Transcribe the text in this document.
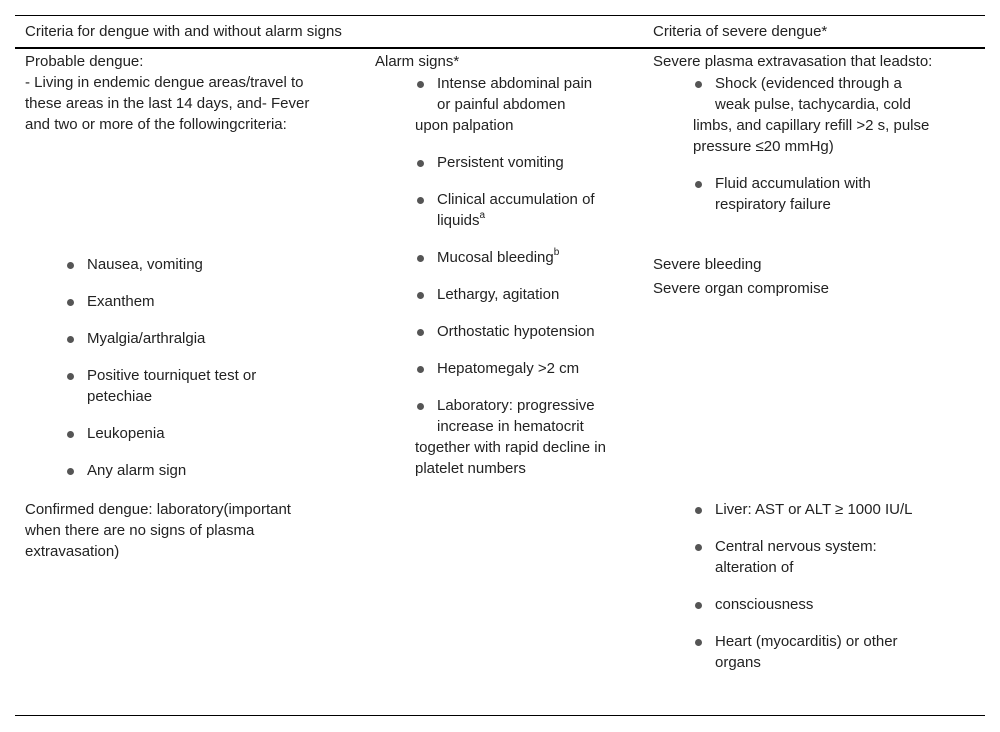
Criteria for dengue with and without alarm signs	Criteria of severe dengue*
Probable dengue:
- Living in endemic dengue areas/travel to these areas in the last 14 days, and- Fever and two or more of the followingcriteria:
Nausea, vomiting
Exanthem
Myalgia/arthralgia
Positive tourniquet test or petechiae
Leukopenia
Any alarm sign
Confirmed dengue: laboratory(important when there are no signs of plasma extravasation)
Alarm signs*
Intense abdominal pain or painful abdomen
upon palpation
Persistent vomiting
Clinical accumulation of liquids$^a$
Mucosal bleeding$^b$
Lethargy, agitation
Orthostatic hypotension
Hepatomegaly >2 cm
Laboratory: progressive increase in hematocrit
together with rapid decline in platelet numbers
Severe plasma extravasation that leadsto:
Shock (evidenced through a weak pulse, tachycardia, cold
limbs, and capillary refill >2 s, pulse pressure ≤20 mmHg)
Fluid accumulation with respiratory failure
Severe bleeding
Severe organ compromise
Liver: AST or ALT ≥ 1000 IU/L
Central nervous system: alteration of
consciousness
Heart (myocarditis) or other organs
